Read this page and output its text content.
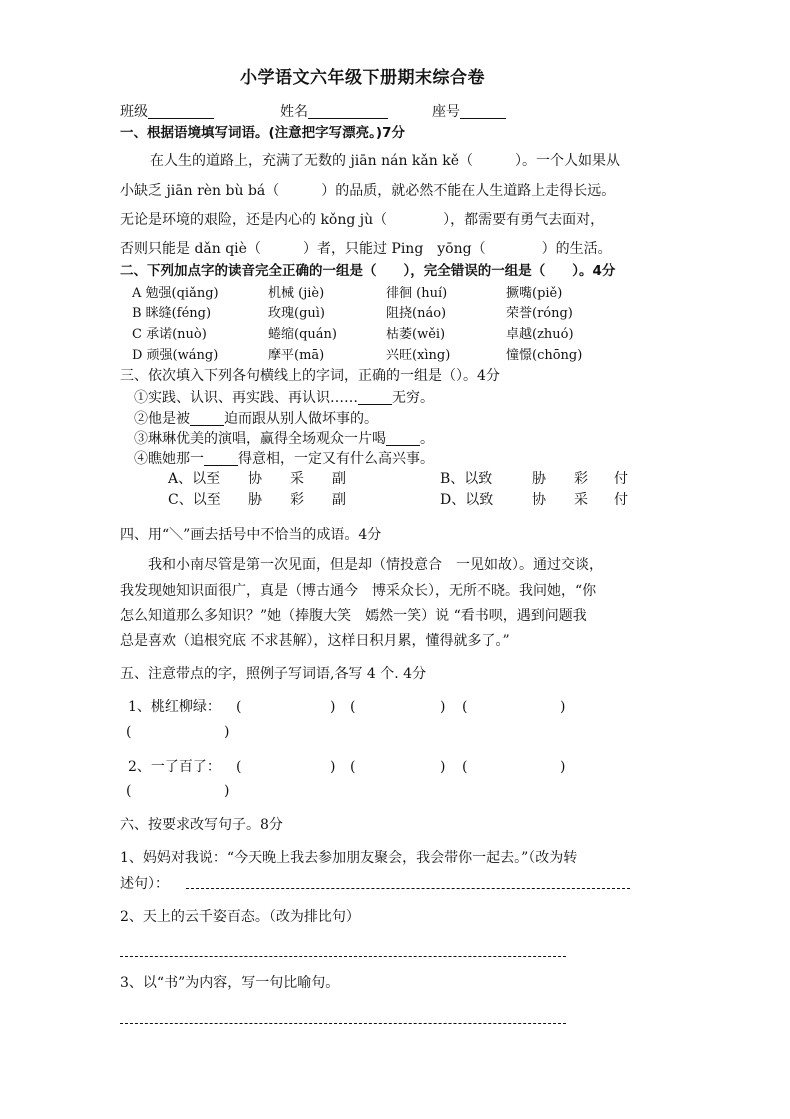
小学语文六年级下册期末综合卷
班级	姓名	座号
一、根据语境填写词语。(注意把字写漂亮。)7分
在人生的道路上，充满了无数的 jiān nán kǎn kě（　　　）。一个人如果从
小缺乏 jiān rèn bù bá（　　　）的品质，就必然不能在人生道路上走得长远。
无论是环境的艰险，还是内心的 kǒng jù（　　　　），都需要有勇气去面对，
否则只能是 dǎn qiè（　　　）者，只能过 Ping　yōng（　　　　）的生活。
二、下列加点字的读音完全正确的一组是（　　），完全错误的一组是（　　）。4分
A 勉强(qiǎng)	机械 (jiè)	徘徊 (huí)	撅嘴(piě)
B 眯缝(féng)	玫瑰(guì)	阻挠(náo)	荣誉(róng)
C 承诺(nuò)	蜷缩(quán)	枯萎(wěi)	卓越(zhuó)
D 顽强(wáng)	摩平(mā)	兴旺(xìng)	憧憬(chōng)
三、依次填入下列各句横线上的字词，正确的一组是（）。4分
①实践、认识、再实践、再认识…… 无穷。
②他是被 迫而跟从别人做坏事的。
③琳琳优美的演唱，赢得全场观众一片喝 。
④瞧她那一 得意相，一定又有什么高兴事。
A、以至 协 采 副	B、以致	胁 彩 付
C、以至 胁 彩 副	D、以致	协 采 付
四、用“＼”画去括号中不恰当的成语。4分
我和小南尽管是第一次见面，但是却（情投意合　一见如故）。通过交谈，
我发现她知识面很广，真是（博古通今　博采众长），无所不晓。我问她，“你
怎么知道那么多知识？”她（捧腹大笑　嫣然一笑）说 “看书呗，遇到问题我
总是喜欢（追根究底 不求甚解），这样日积月累，懂得就多了。”
五、注意带点的字，照例子写词语,各写 4 个. 4分
1、桃红柳绿： (	) (	) (	)
(	)
2、一了百了： (	) (	) (	)
(	)
六、按要求改写句子。8分
1、妈妈对我说：“今天晚上我去参加朋友聚会，我会带你一起去。”（改为转
述句）：
2、天上的云千姿百态。（改为排比句）
3、以“书”为内容，写一句比喻句。
